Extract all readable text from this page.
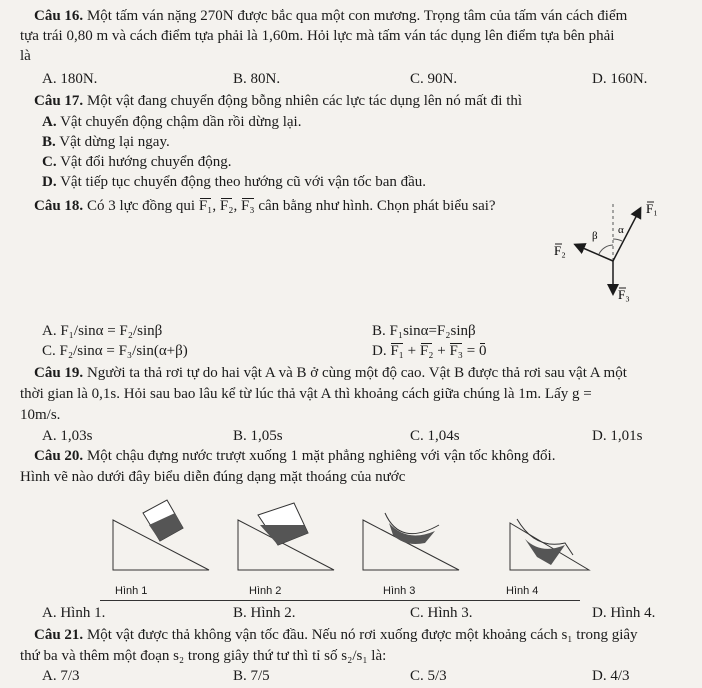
Câu 16. Một tấm ván nặng 270N được bắc qua một con mương. Trọng tâm của tấm ván cách điểm
tựa trái 0,80 m và cách điểm tựa phải là 1,60m. Hỏi lực mà tấm ván tác dụng lên điểm tựa bên phải
là
A. 180N.	B. 80N.	C. 90N.	D. 160N.
Câu 17. Một vật đang chuyển động bỗng nhiên các lực tác dụng lên nó mất đi thì
A. Vật chuyển động chậm dần rồi dừng lại.
B. Vật dừng lại ngay.
C. Vật đổi hướng chuyển động.
D. Vật tiếp tục chuyển động theo hướng cũ với vận tốc ban đầu.
Câu 18. Có 3 lực đồng qui F₁, F₂, F₃ cân bằng như hình. Chọn phát biểu sai?
α
β
F₁
F₂
F₃
A. F₁/sinα = F₂/sinβ	B. F₁sinα=F₂sinβ
C. F₂/sinα = F₃/sin(α+β)	D. F₁ + F₂ + F₃ = 0
Câu 19. Người ta thả rơi tự do hai vật A và B ở cùng một độ cao. Vật B được thả rơi sau vật A một
thời gian là 0,1s. Hỏi sau bao lâu kể từ lúc thả vật A thì khoảng cách giữa chúng là 1m. Lấy g =
10m/s.
A. 1,03s	B. 1,05s	C. 1,04s	D. 1,01s
Câu 20. Một chậu đựng nước trượt xuống 1 mặt phẳng nghiêng với vận tốc không đổi.
Hình vẽ nào dưới đây biểu diễn đúng dạng mặt thoáng của nước
Hình 1	Hình 2	Hình 3	Hình 4
A. Hình 1.	B. Hình 2.	C. Hình 3.	D. Hình 4.
Câu 21. Một vật được thả không vận tốc đầu. Nếu nó rơi xuống được một khoảng cách s₁ trong giây
thứ ba và thêm một đoạn s₂ trong giây thứ tư thì tỉ số s₂/s₁ là:
A. 7/3	B. 7/5	C. 5/3	D. 4/3
